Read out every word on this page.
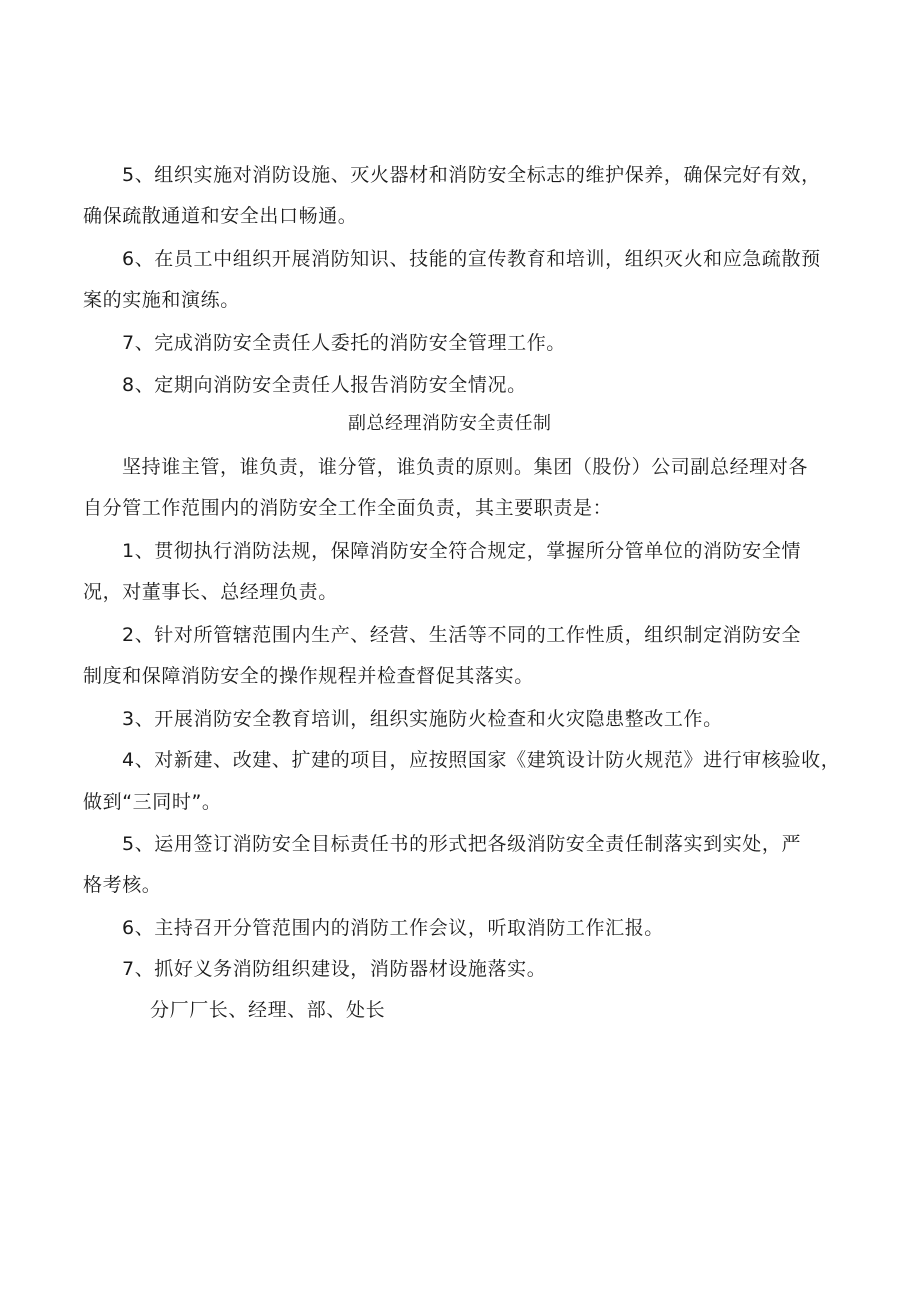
5、组织实施对消防设施、灭火器材和消防安全标志的维护保养，确保完好有效，
确保疏散通道和安全出口畅通。
6、在员工中组织开展消防知识、技能的宣传教育和培训，组织灭火和应急疏散预
案的实施和演练。
7、完成消防安全责任人委托的消防安全管理工作。
8、定期向消防安全责任人报告消防安全情况。
副总经理消防安全责任制
坚持谁主管，谁负责，谁分管，谁负责的原则。集团（股份）公司副总经理对各
自分管工作范围内的消防安全工作全面负责，其主要职责是：
1、贯彻执行消防法规，保障消防安全符合规定，掌握所分管单位的消防安全情
况，对董事长、总经理负责。
2、针对所管辖范围内生产、经营、生活等不同的工作性质，组织制定消防安全
制度和保障消防安全的操作规程并检查督促其落实。
3、开展消防安全教育培训，组织实施防火检查和火灾隐患整改工作。
4、对新建、改建、扩建的项目，应按照国家《建筑设计防火规范》进行审核验收，
做到“三同时”。
5、运用签订消防安全目标责任书的形式把各级消防安全责任制落实到实处，严
格考核。
6、主持召开分管范围内的消防工作会议，听取消防工作汇报。
7、抓好义务消防组织建设，消防器材设施落实。
分厂厂长、经理、部、处长
